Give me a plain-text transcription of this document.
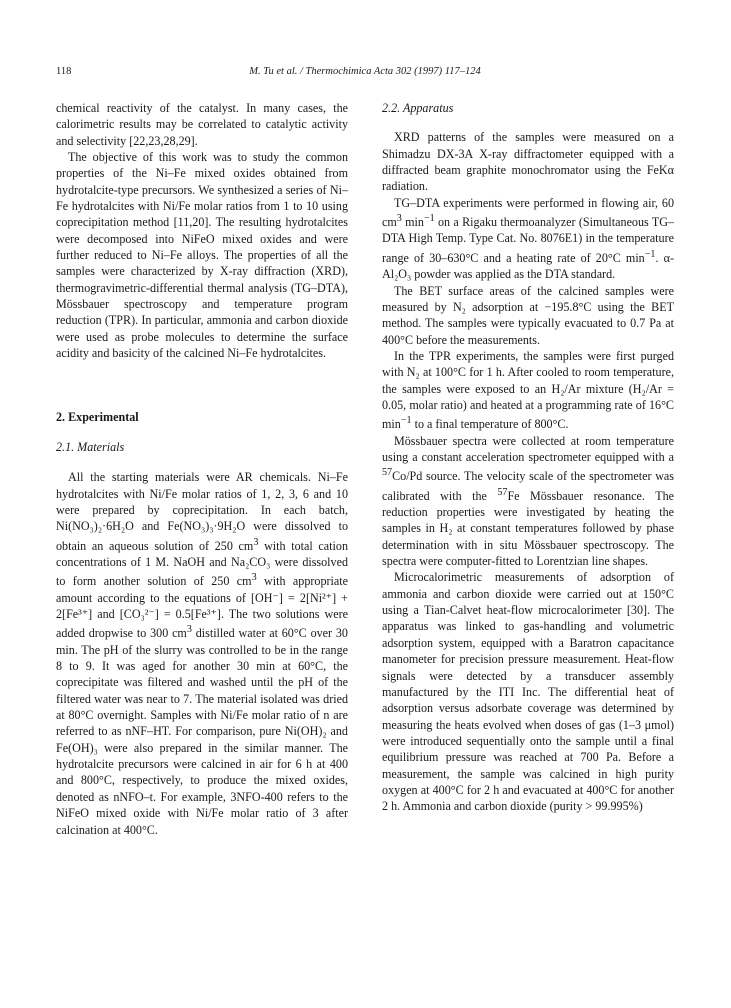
118	M. Tu et al. / Thermochimica Acta 302 (1997) 117–124

chemical reactivity of the catalyst. In many cases, the calorimetric results may be correlated to catalytic activity and selectivity [22,23,28,29].

The objective of this work was to study the common properties of the Ni–Fe mixed oxides obtained from hydrotalcite-type precursors. We synthesized a series of Ni–Fe hydrotalcites with Ni/Fe molar ratios from 1 to 10 using coprecipitation method [11,20]. The resulting hydrotalcites were decomposed into NiFeO mixed oxides and were further reduced to Ni–Fe alloys. The properties of all the samples were characterized by X-ray diffraction (XRD), thermogravimetric-differential thermal analysis (TG–DTA), Mössbauer spectroscopy and temperature program reduction (TPR). In particular, ammonia and carbon dioxide were used as probe molecules to determine the surface acidity and basicity of the calcined Ni–Fe hydrotalcites.

2. Experimental

2.1. Materials

All the starting materials were AR chemicals. Ni–Fe hydrotalcites with Ni/Fe molar ratios of 1, 2, 3, 6 and 10 were prepared by coprecipitation. In each batch, Ni(NO₃)₂·6H₂O and Fe(NO₃)₃·9H₂O were dissolved to obtain an aqueous solution of 250 $cm^3$ with total cation concentrations of 1 M. NaOH and Na₂CO₃ were dissolved to form another solution of 250 $cm^3$ with appropriate amount according to the equations of [OH⁻] = 2[Ni²⁺] + 2[Fe³⁺] and [CO₃²⁻] = 0.5[Fe³⁺]. The two solutions were added dropwise to 300 $cm^3$ distilled water at 60°C over 30 min. The pH of the slurry was controlled to be in the range 8 to 9. It was aged for another 30 min at 60°C, the coprecipitate was filtered and washed until the pH of the filtered water was near to 7. The material isolated was dried at 80°C overnight. Samples with Ni/Fe molar ratio of n are referred to as nNF–HT. For comparison, pure Ni(OH)₂ and Fe(OH)₃ were also prepared in the similar manner. The hydrotalcite precursors were calcined in air for 6 h at 400 and 800°C, respectively, to produce the mixed oxides, denoted as nNFO–t. For example, 3NFO-400 refers to the NiFeO mixed oxide with Ni/Fe molar ratio of 3 after calcination at 400°C.

2.2. Apparatus

XRD patterns of the samples were measured on a Shimadzu DX-3A X-ray diffractometer equipped with a diffracted beam graphite monochromator using the FeKα radiation.

TG–DTA experiments were performed in flowing air, 60 $cm^3$ $\min^{-1}$ on a Rigaku thermoanalyzer (Simultaneous TG–DTA High Temp. Type Cat. No. 8076E1) in the temperature range of 30–630°C and a heating rate of 20°C $\min^{-1}$. α-Al₂O₃ powder was applied as the DTA standard.

The BET surface areas of the calcined samples were measured by N₂ adsorption at −195.8°C using the BET method. The samples were typically evacuated to 0.7 Pa at 400°C before the measurements.

In the TPR experiments, the samples were first purged with N₂ at 100°C for 1 h. After cooled to room temperature, the samples were exposed to an H₂/Ar mixture (H₂/Ar = 0.05, molar ratio) and heated at a programming rate of 16°C $\min^{-1}$ to a final temperature of 800°C.

Mössbauer spectra were collected at room temperature using a constant acceleration spectrometer equipped with a $^{57}$Co/Pd source. The velocity scale of the spectrometer was calibrated with the $^{57}$Fe Mössbauer resonance. The reduction properties were investigated by heating the samples in H₂ at constant temperatures followed by phase determination with in situ Mössbauer spectroscopy. The spectra were computer-fitted to Lorentzian line shapes.

Microcalorimetric measurements of adsorption of ammonia and carbon dioxide were carried out at 150°C using a Tian-Calvet heat-flow microcalorimeter [30]. The apparatus was linked to gas-handling and volumetric adsorption system, equipped with a Baratron capacitance manometer for precision pressure measurement. Heat-flow signals were detected by a transducer assembly manufactured by the ITI Inc. The differential heat of adsorption versus adsorbate coverage was determined by measuring the heats evolved when doses of gas (1–3 μmol) were introduced sequentially onto the sample until a final equilibrium pressure was reached at 700 Pa. Before a measurement, the sample was calcined in high purity oxygen at 400°C for 2 h and evacuated at 400°C for another 2 h. Ammonia and carbon dioxide (purity > 99.995%)
